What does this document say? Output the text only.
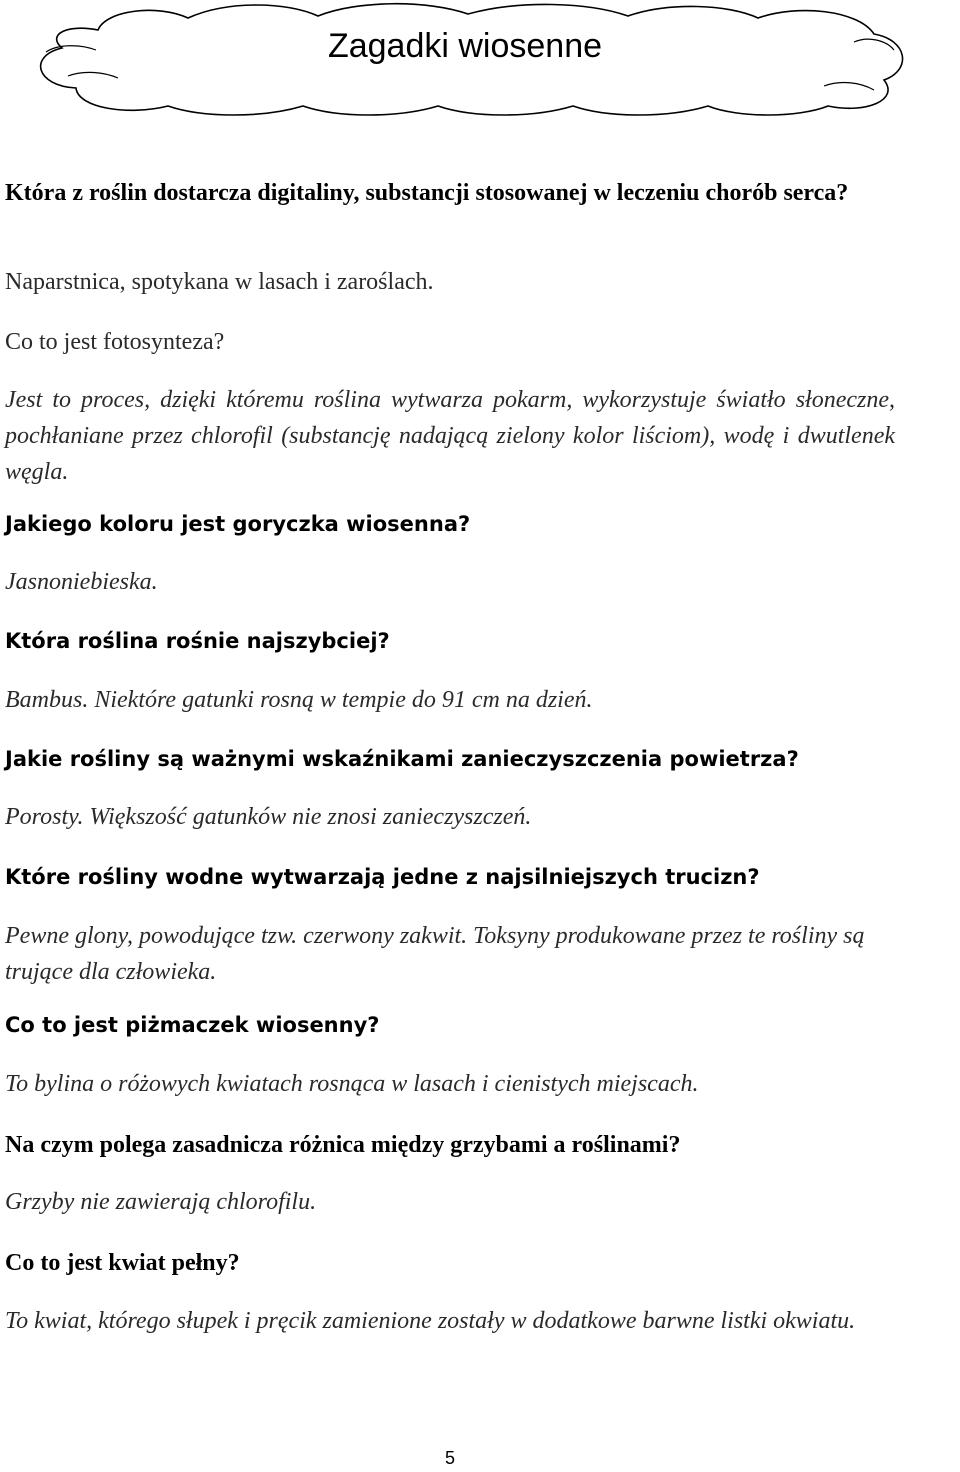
Zagadki wiosenne

Która z roślin dostarcza digitaliny, substancji stosowanej w leczeniu chorób serca?

Naparstnica, spotykana w lasach i zaroślach.

Co to jest fotosynteza?

Jest to proces, dzięki któremu roślina wytwarza pokarm, wykorzystuje światło słoneczne, pochłaniane przez chlorofil (substancję nadającą zielony kolor liściom), wodę i dwutlenek węgla.

Jakiego koloru jest goryczka wiosenna?

Jasnoniebieska.

Która roślina rośnie najszybciej?

Bambus. Niektóre gatunki rosną w tempie do 91 cm na dzień.

Jakie rośliny są ważnymi wskaźnikami zanieczyszczenia powietrza?

Porosty. Większość gatunków nie znosi zanieczyszczeń.

Które rośliny wodne wytwarzają jedne z najsilniejszych trucizn?

Pewne glony, powodujące tzw. czerwony zakwit. Toksyny produkowane przez te rośliny są trujące dla człowieka.

Co to jest piżmaczek wiosenny?

To bylina o różowych kwiatach rosnąca w lasach i cienistych miejscach.

Na czym polega zasadnicza różnica między grzybami a roślinami?

Grzyby nie zawierają chlorofilu.

Co to jest kwiat pełny?

To kwiat, którego słupek i pręcik zamienione zostały w dodatkowe barwne listki okwiatu.

5
